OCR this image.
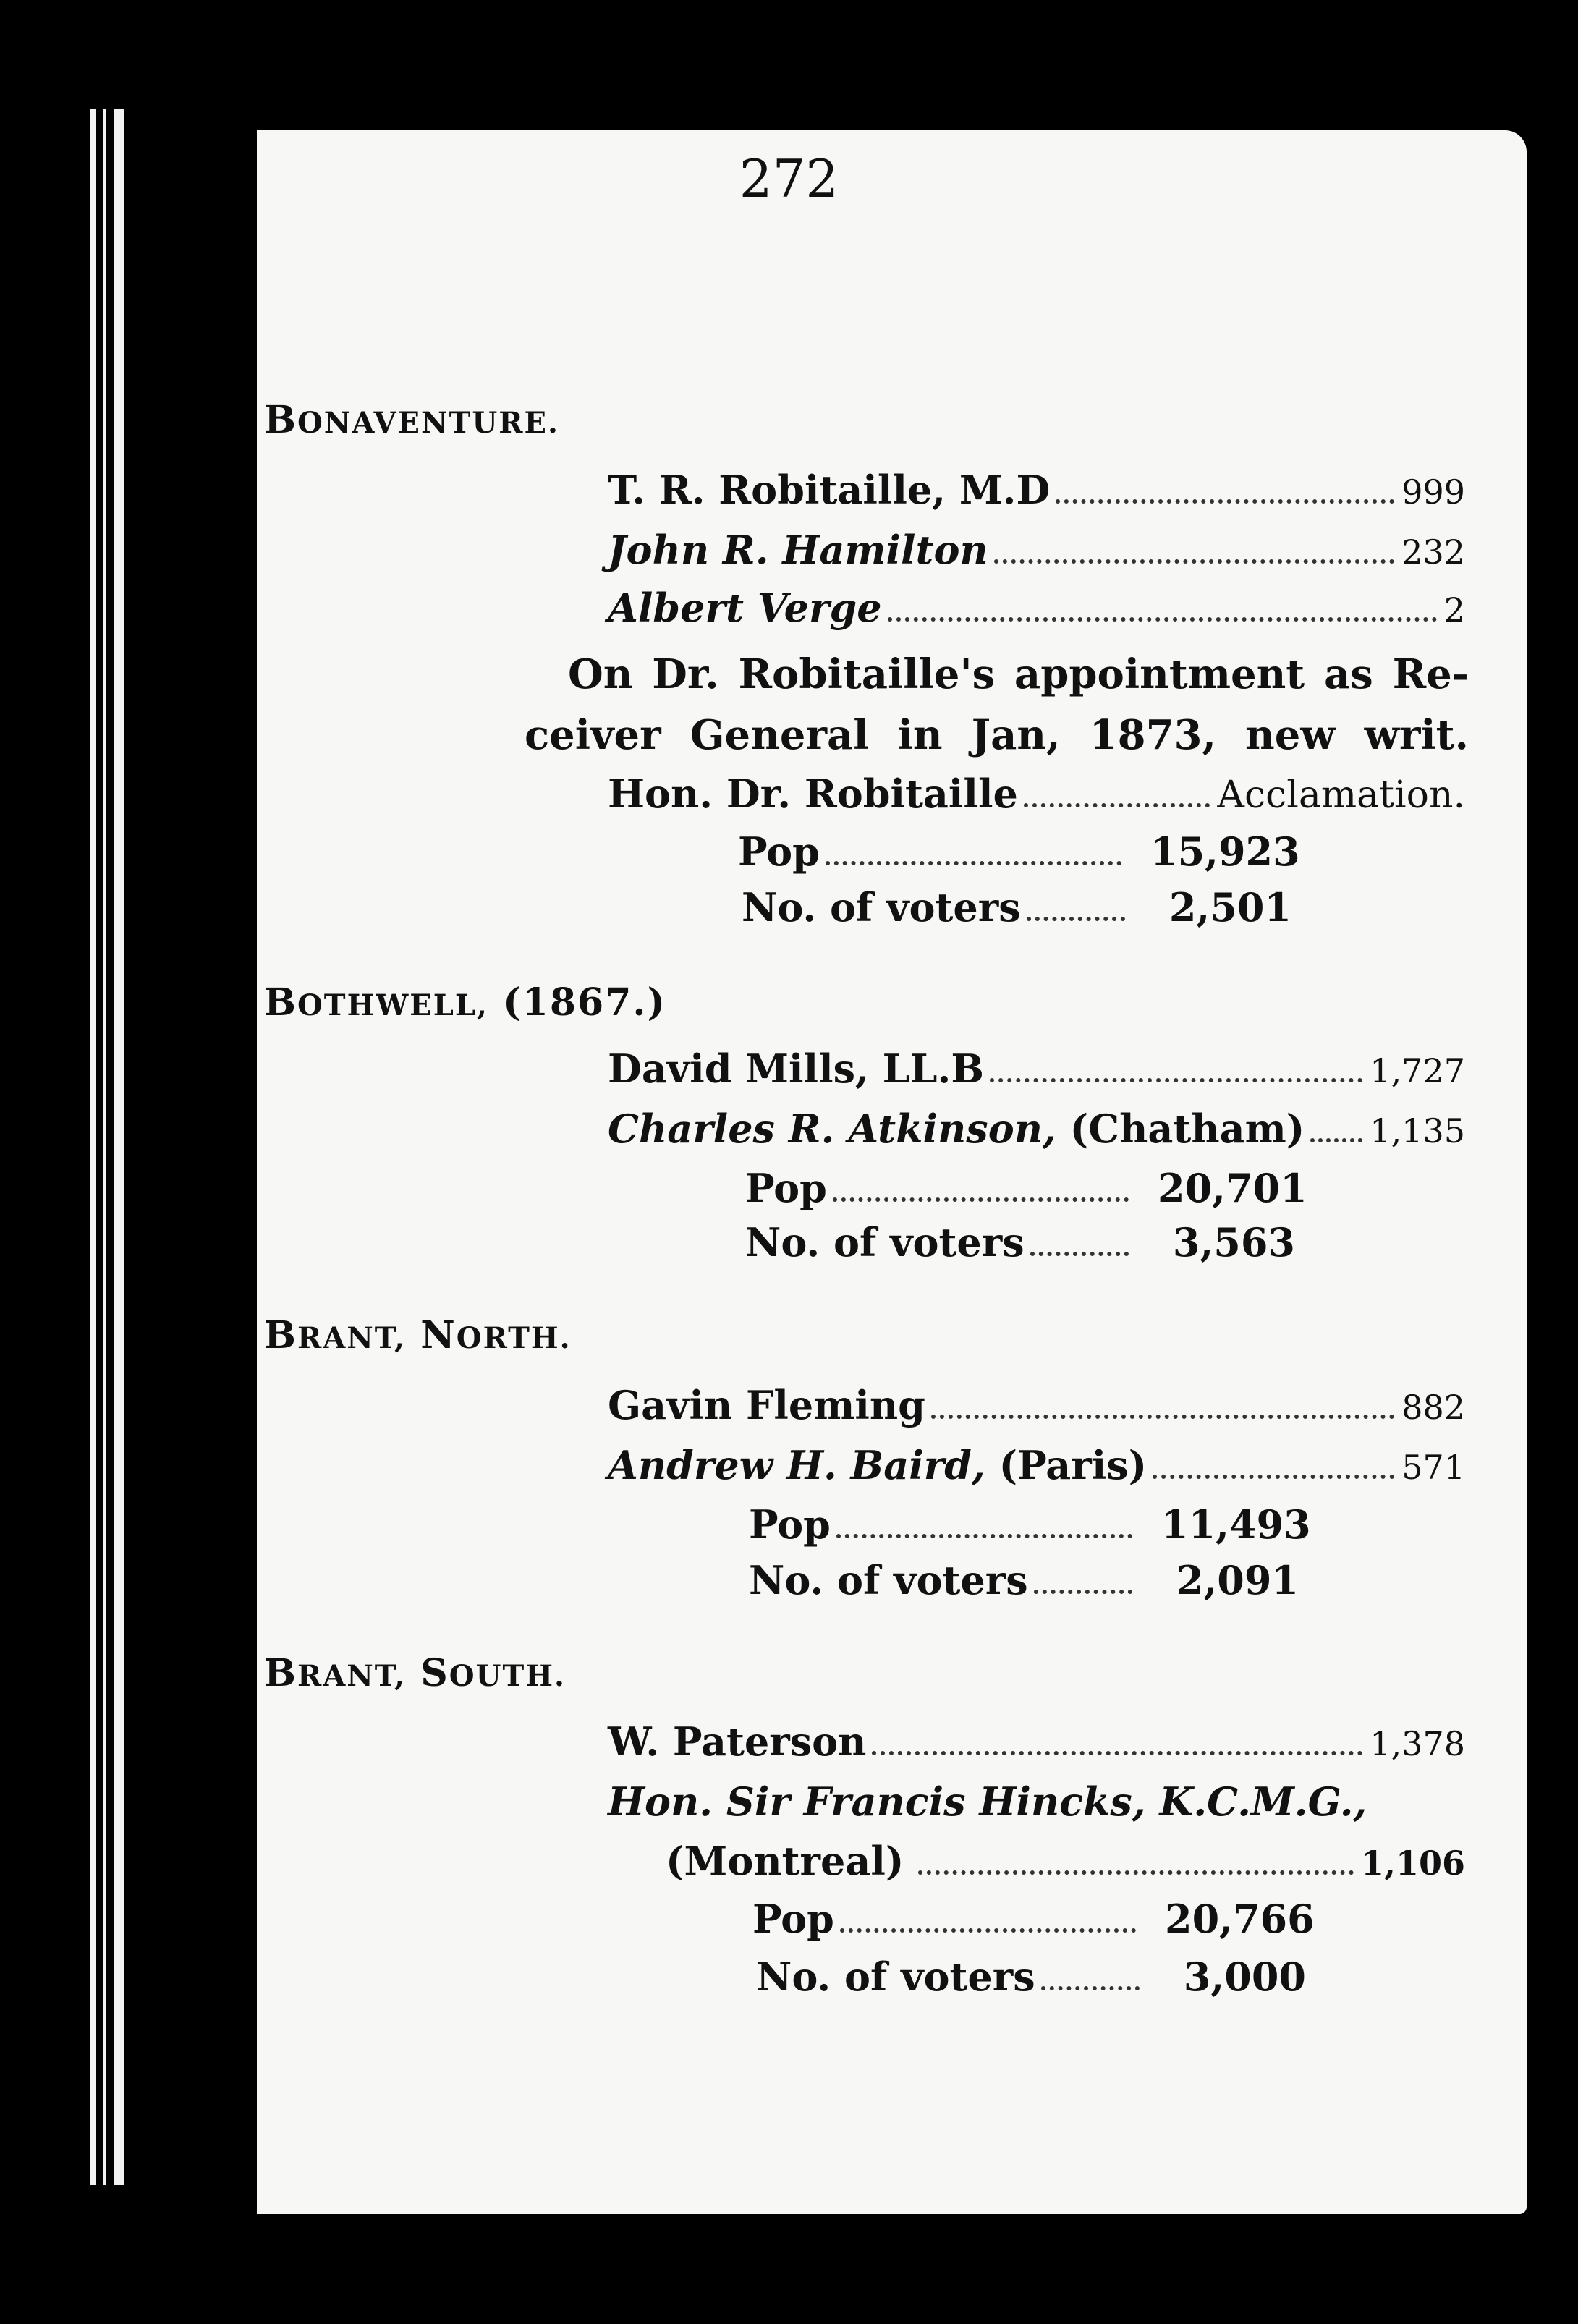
272
BONAVENTURE.
T. R. Robitaille, M.D	999
John R. Hamilton	232
Albert Verge	2
On Dr. Robitaille's appointment as Re-
ceiver General in Jan, 1873, new writ.
Hon. Dr. Robitaille	Acclamation.
Pop	15,923
No. of voters	2,501
BOTHWELL, (1867.)
David Mills, LL.B	1,727
Charles R. Atkinson, (Chatham) 1,135
Pop	20,701
No. of voters	3,563
BRANT, NORTH.
Gavin Fleming	882
Andrew H. Baird, (Paris)	571
Pop	11,493
No. of voters	2,091
BRANT, SOUTH.
W. Paterson	1,378
Hon. Sir Francis Hincks, K.C.M.G.,
(Montreal)	1,106
Pop	20,766
No. of voters	3,000
